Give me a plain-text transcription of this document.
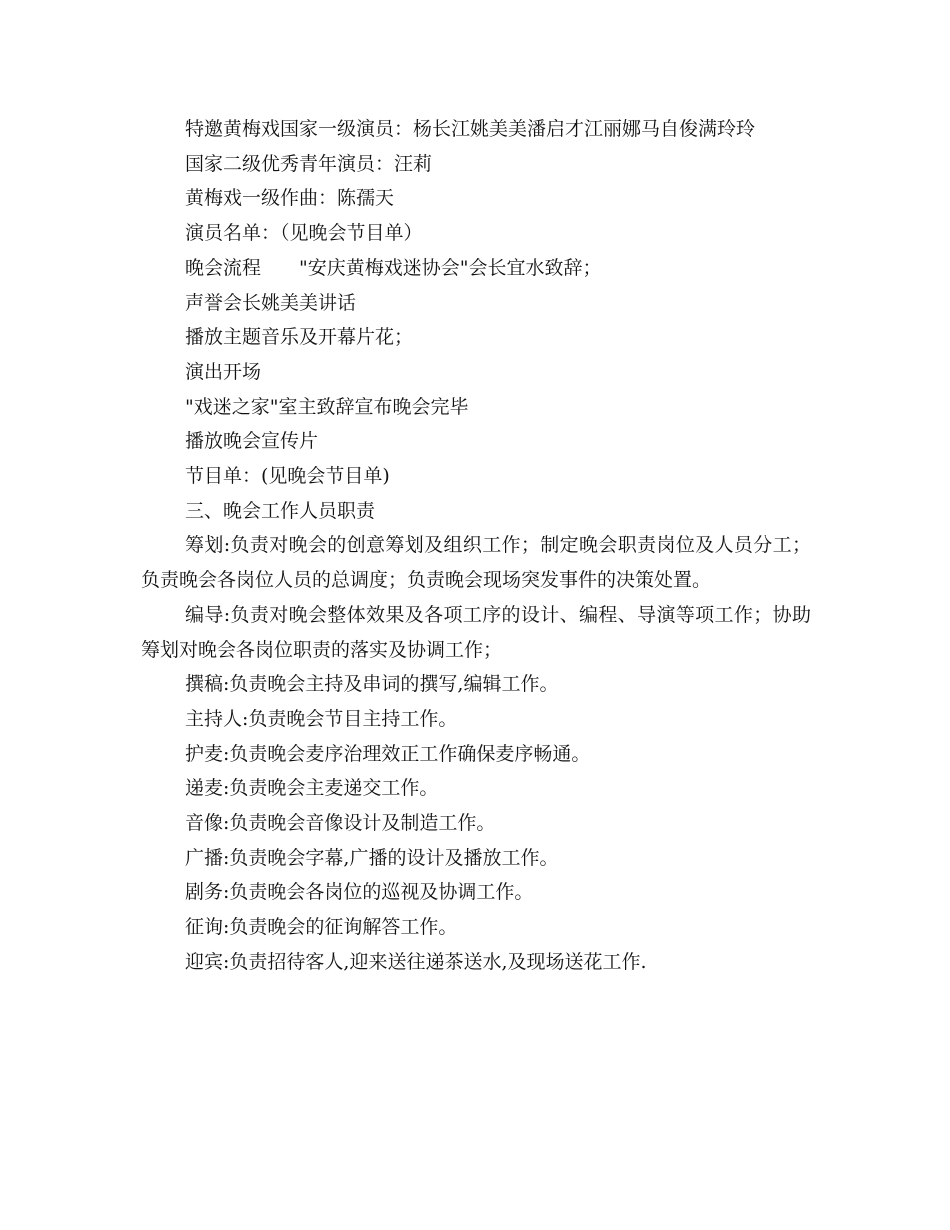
特邀黄梅戏国家一级演员：杨长江姚美美潘启才江丽娜马自俊满玲玲

国家二级优秀青年演员：汪莉

黄梅戏一级作曲：陈孺天

演员名单：（见晚会节目单）

晚会流程　　"安庆黄梅戏迷协会"会长宜水致辞；

声誉会长姚美美讲话

播放主题音乐及开幕片花；

演出开场

"戏迷之家"室主致辞宣布晚会完毕

播放晚会宣传片

节目单：(见晚会节目单)

三、晚会工作人员职责

筹划:负责对晚会的创意筹划及组织工作；制定晚会职责岗位及人员分工；负责晚会各岗位人员的总调度；负责晚会现场突发事件的决策处置。

编导:负责对晚会整体效果及各项工序的设计、编程、导演等项工作；协助筹划对晚会各岗位职责的落实及协调工作；

撰稿:负责晚会主持及串词的撰写,编辑工作。

主持人:负责晚会节目主持工作。

护麦:负责晚会麦序治理效正工作确保麦序畅通。

递麦:负责晚会主麦递交工作。

音像:负责晚会音像设计及制造工作。

广播:负责晚会字幕,广播的设计及播放工作。

剧务:负责晚会各岗位的巡视及协调工作。

征询:负责晚会的征询解答工作。

迎宾:负责招待客人,迎来送往递茶送水,及现场送花工作.
